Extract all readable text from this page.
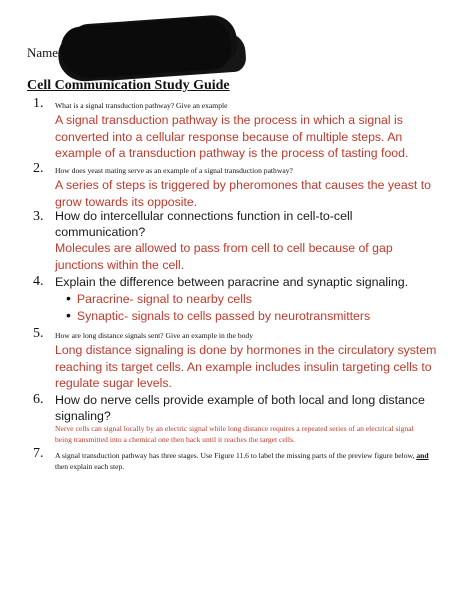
Name:
Cell Communication Study Guide
1. What is a signal transduction pathway? Give an example
A signal transduction pathway is the process in which a signal is converted into a cellular response because of multiple steps. An example of a transduction pathway is the process of tasting food.
2. How does yeast mating serve as an example of a signal transduction pathway?
A series of steps is triggered by pheromones that causes the yeast to grow towards its opposite.
3. How do intercellular connections function in cell-to-cell communication?
Molecules are allowed to pass from cell to cell because of gap junctions within the cell.
4. Explain the difference between paracrine and synaptic signaling.
• Paracrine- signal to nearby cells
• Synaptic- signals to cells passed by neurotransmitters
5. How are long distance signals sent? Give an example in the body
Long distance signaling is done by hormones in the circulatory system reaching its target cells. An example includes insulin targeting cells to regulate sugar levels.
6. How do nerve cells provide example of both local and long distance signaling?
Nerve cells can signal locally by an electric signal while long distance requires a repeated series of an electrical signal being transmitted into a chemical one then back until it reaches the target cells.
7. A signal transduction pathway has three stages. Use Figure 11.6 to label the missing parts of the preview figure below, and then explain each step.
